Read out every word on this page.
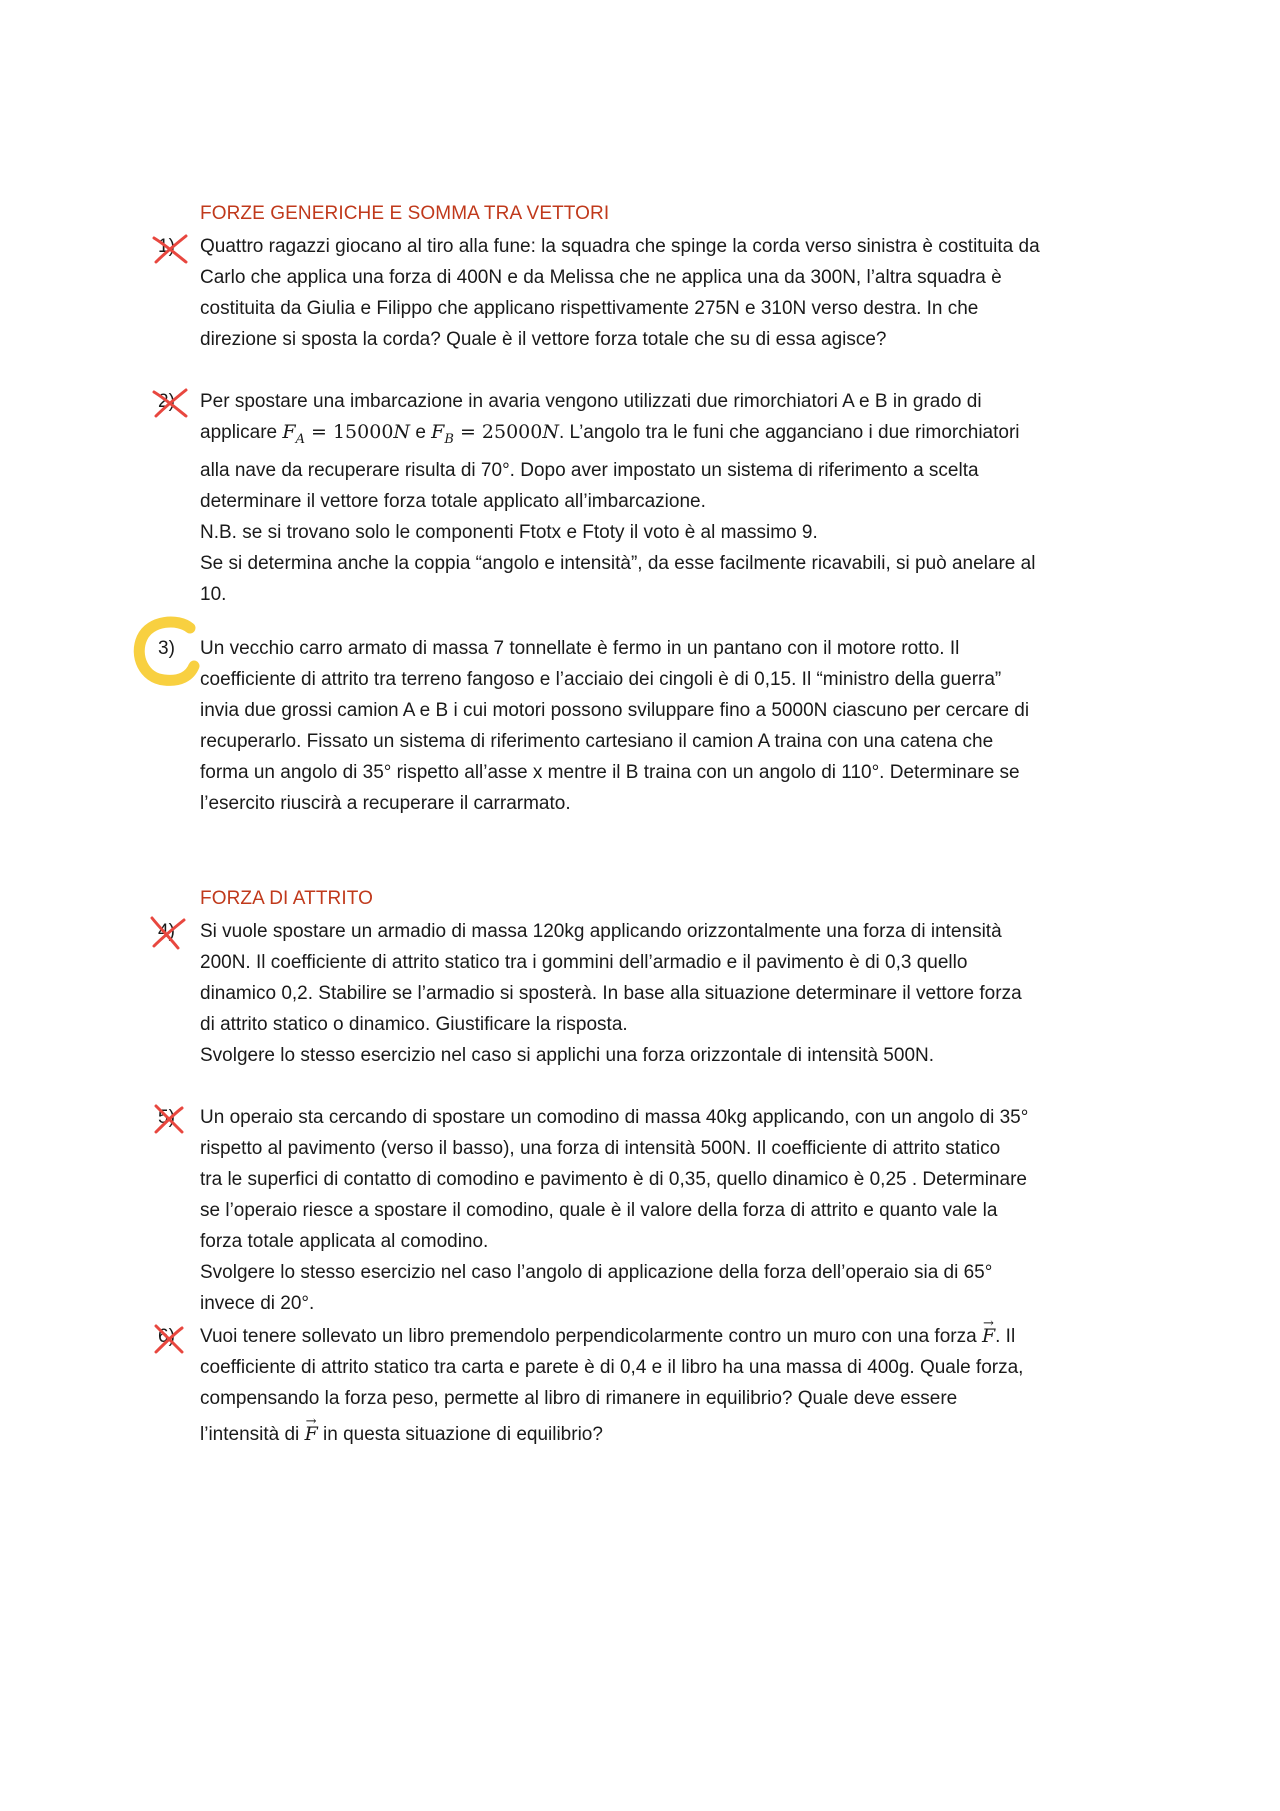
FORZE GENERICHE E SOMMA TRA VETTORI
1)	Quattro ragazzi giocano al tiro alla fune: la squadra che spinge la corda verso sinistra è costituita da

Carlo che applica una forza di 400N e da Melissa che ne applica una da 300N, l’altra squadra è

costituita da Giulia e Filippo che applicano rispettivamente 275N e 310N verso destra. In che

direzione si sposta la corda? Quale è il vettore forza totale che su di essa agisce?

2)	Per spostare una imbarcazione in avaria vengono utilizzati due rimorchiatori A e B in grado di

applicare $F_A = 15000N$ e $F_B = 25000N$. L’angolo tra le funi che agganciano i due rimorchiatori

alla nave da recuperare risulta di 70°. Dopo aver impostato un sistema di riferimento a scelta

determinare il vettore forza totale applicato all’imbarcazione.

N.B. se si trovano solo le componenti Ftotx e Ftoty il voto è al massimo 9.

Se si determina anche la coppia “angolo e intensità”, da esse facilmente ricavabili, si può anelare al

10.

3)	Un vecchio carro armato di massa 7 tonnellate è fermo in un pantano con il motore rotto. Il

coefficiente di attrito tra terreno fangoso e l’acciaio dei cingoli è di 0,15. Il “ministro della guerra”

invia due grossi camion A e B i cui motori possono sviluppare fino a 5000N ciascuno per cercare di

recuperarlo. Fissato un sistema di riferimento cartesiano il camion A traina con una catena che

forma un angolo di 35° rispetto all’asse x mentre il B traina con un angolo di 110°. Determinare se

l’esercito riuscirà a recuperare il carrarmato.

FORZA DI ATTRITO
4)	Si vuole spostare un armadio di massa 120kg applicando orizzontalmente una forza di intensità

200N. Il coefficiente di attrito statico tra i gommini dell’armadio e il pavimento è di 0,3 quello

dinamico 0,2. Stabilire se l’armadio si sposterà. In base alla situazione determinare il vettore forza

di attrito statico o dinamico. Giustificare la risposta.

Svolgere lo stesso esercizio nel caso si applichi una forza orizzontale di intensità 500N.

5)	Un operaio sta cercando di spostare un comodino di massa 40kg applicando, con un angolo di 35°

rispetto al pavimento (verso il basso), una forza di intensità 500N. Il coefficiente di attrito statico

tra le superfici di contatto di comodino e pavimento è di 0,35, quello dinamico è 0,25 . Determinare

se l’operaio riesce a spostare il comodino, quale è il valore della forza di attrito e quanto vale la

forza totale applicata al comodino.

Svolgere lo stesso esercizio nel caso l’angolo di applicazione della forza dell’operaio sia di 65°

invece di 20°.

6)	Vuoi tenere sollevato un libro premendolo perpendicolarmente contro un muro con una forza → F. Il

coefficiente di attrito statico tra carta e parete è di 0,4 e il libro ha una massa di 400g. Quale forza,

compensando la forza peso, permette al libro di rimanere in equilibrio? Quale deve essere

l’intensità di → F in questa situazione di equilibrio?
